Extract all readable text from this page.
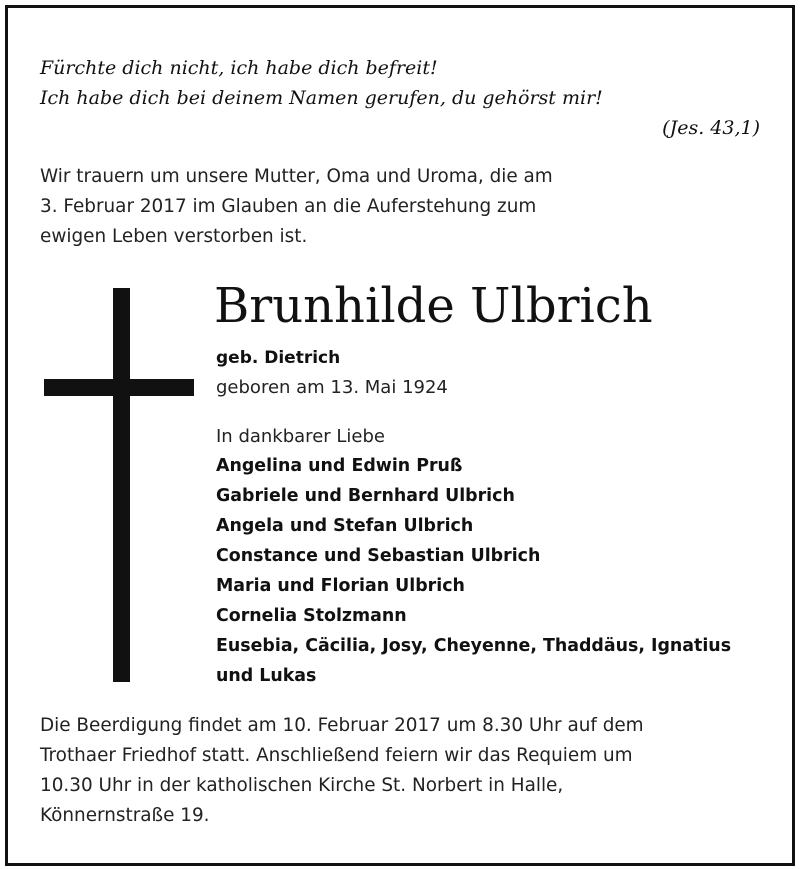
Fürchte dich nicht, ich habe dich befreit!
Ich habe dich bei deinem Namen gerufen, du gehörst mir!
(Jes. 43,1)
Wir trauern um unsere Mutter, Oma und Uroma, die am
3. Februar 2017 im Glauben an die Auferstehung zum
ewigen Leben verstorben ist.
Brunhilde Ulbrich
geb. Dietrich
geboren am 13. Mai 1924
In dankbarer Liebe
Angelina und Edwin Pruß
Gabriele und Bernhard Ulbrich
Angela und Stefan Ulbrich
Constance und Sebastian Ulbrich
Maria und Florian Ulbrich
Cornelia Stolzmann
Eusebia, Cäcilia, Josy, Cheyenne, Thaddäus, Ignatius
und Lukas
Die Beerdigung findet am 10. Februar 2017 um 8.30 Uhr auf dem
Trothaer Friedhof statt. Anschließend feiern wir das Requiem um
10.30 Uhr in der katholischen Kirche St. Norbert in Halle,
Könnernstraße 19.
